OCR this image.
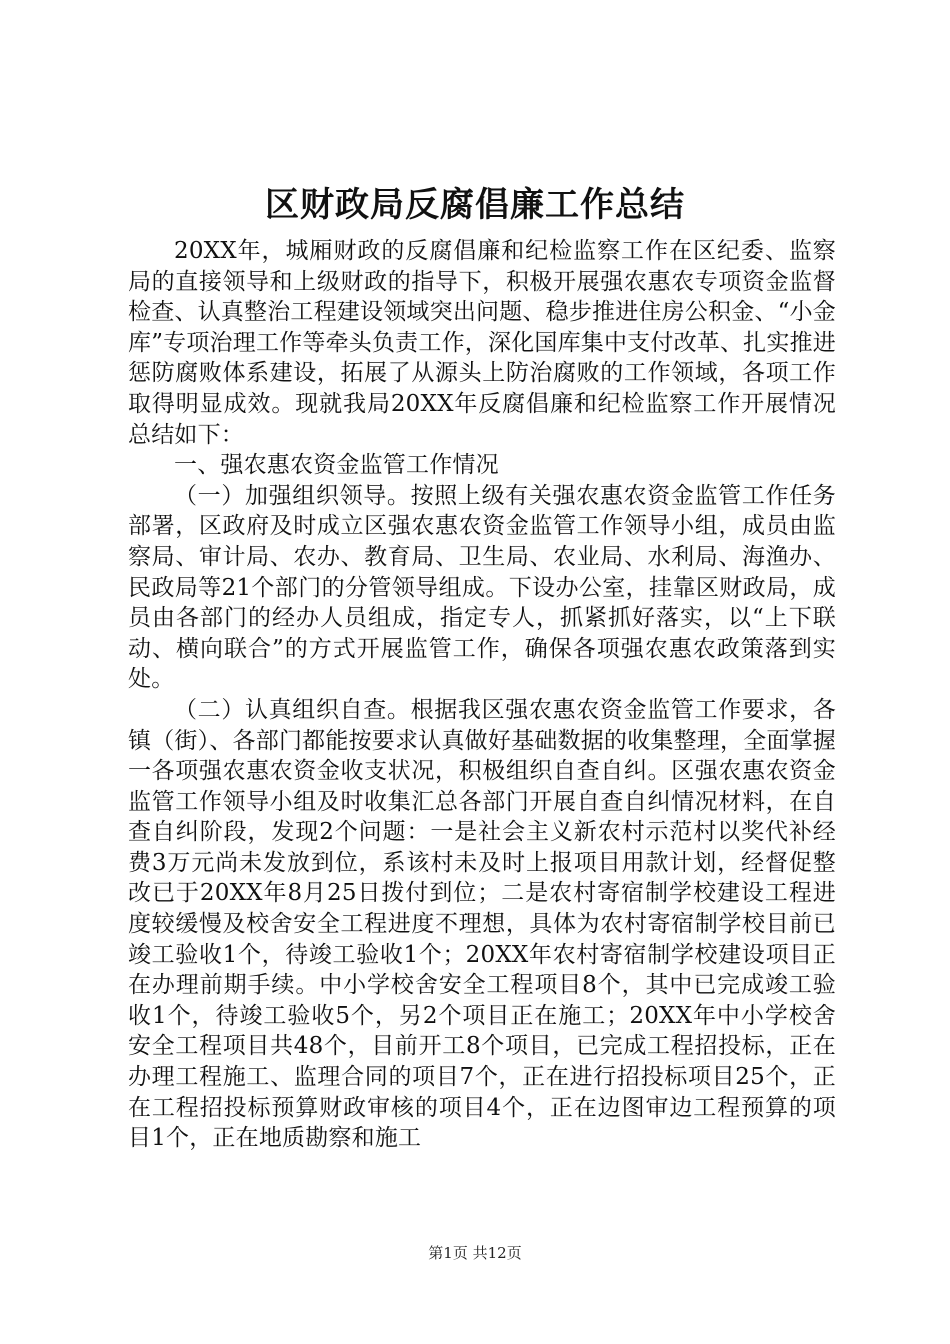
区财政局反腐倡廉工作总结

20XX年，城厢财政的反腐倡廉和纪检监察工作在区纪委、监察局的直接领导和上级财政的指导下，积极开展强农惠农专项资金监督检查、认真整治工程建设领域突出问题、稳步推进住房公积金、“小金库”专项治理工作等牵头负责工作，深化国库集中支付改革、扎实推进惩防腐败体系建设，拓展了从源头上防治腐败的工作领域，各项工作取得明显成效。现就我局20XX年反腐倡廉和纪检监察工作开展情况总结如下：

一、强农惠农资金监管工作情况

（一）加强组织领导。按照上级有关强农惠农资金监管工作任务部署，区政府及时成立区强农惠农资金监管工作领导小组，成员由监察局、审计局、农办、教育局、卫生局、农业局、水利局、海渔办、民政局等21个部门的分管领导组成。下设办公室，挂靠区财政局，成员由各部门的经办人员组成，指定专人，抓紧抓好落实，以“上下联动、横向联合”的方式开展监管工作，确保各项强农惠农政策落到实处。

（二）认真组织自查。根据我区强农惠农资金监管工作要求，各镇（街）、各部门都能按要求认真做好基础数据的收集整理，全面掌握一各项强农惠农资金收支状况，积极组织自查自纠。区强农惠农资金监管工作领导小组及时收集汇总各部门开展自查自纠情况材料，在自查自纠阶段，发现2个问题：一是社会主义新农村示范村以奖代补经费3万元尚未发放到位，系该村未及时上报项目用款计划，经督促整改已于20XX年8月25日拨付到位；二是农村寄宿制学校建设工程进度较缓慢及校舍安全工程进度不理想，具体为农村寄宿制学校目前已竣工验收1个，待竣工验收1个；20XX年农村寄宿制学校建设项目正在办理前期手续。中小学校舍安全工程项目8个，其中已完成竣工验收1个，待竣工验收5个，另2个项目正在施工；20XX年中小学校舍安全工程项目共48个，目前开工8个项目，已完成工程招投标，正在办理工程施工、监理合同的项目7个，正在进行招投标项目25个，正在工程招投标预算财政审核的项目4个，正在边图审边工程预算的项目1个，正在地质勘察和施工

第1页 共12页
